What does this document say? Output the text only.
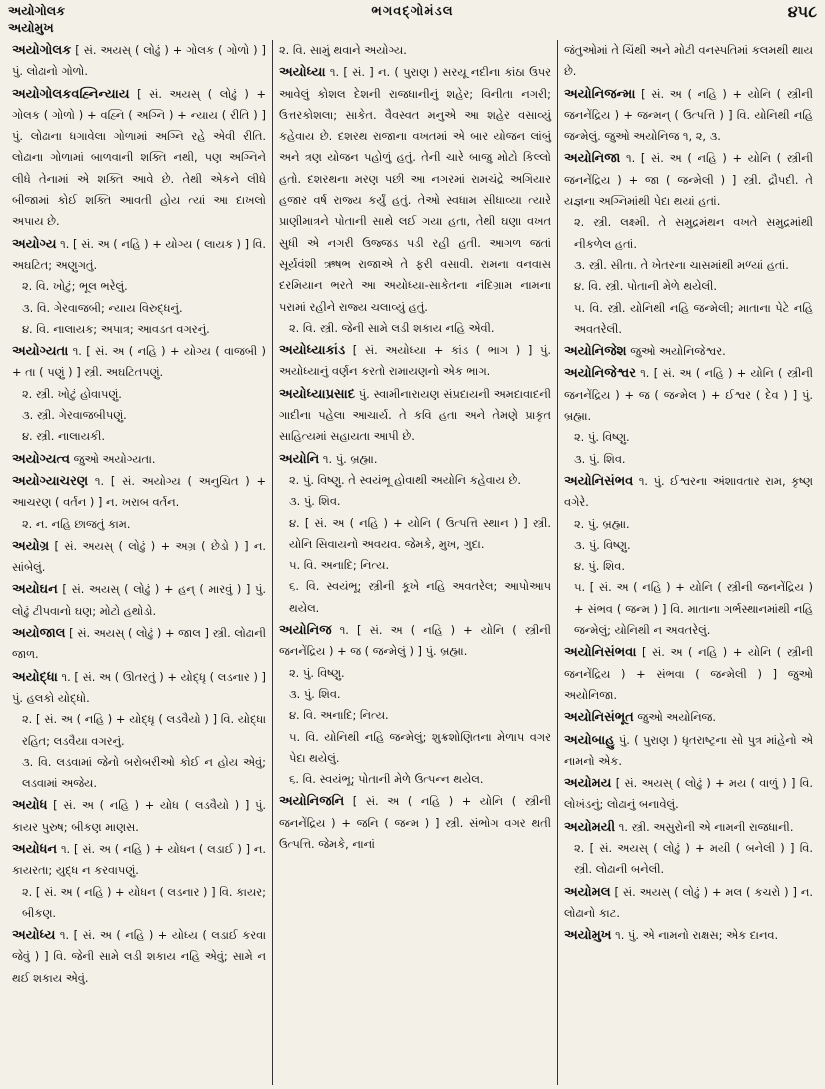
અયોગોલક
અયોમુખ
ભગવદ્ગોમંડલ	૪૫૮
અયોગોલક [ સં. અયસ્ ( લોઢું ) + ગોલક ( ગોળો ) ] પું. લોઢાનો ગોળો.
અયોગોલકવહ્નિન્યાય [ સં. અયસ્ ( લોઢું ) + ગોલક ( ગોળો ) + વહ્નિ ( અગ્નિ ) + ન્યાય ( રીતિ ) ] પું. લોઢાના ધગાવેલા ગોળામાં અગ્નિ રહે એવી રીતિ. લોઢાના ગોળામાં બાળવાની શક્તિ નથી, પણ અગ્નિને લીધે તેનામાં એ શક્તિ આવે છે. તેથી એકને લીધે બીજામાં કોઈ શક્તિ આવતી હોય ત્યાં આ દાખલો અપાય છે.
અયોગ્ય ૧. [ સં. અ ( નહિ ) + યોગ્ય ( લાયક ) ] વિ. અઘટિત; અણુગતું.
૨. વિ. ખોટું; ભૂલ ભરેલું.
૩. વિ. ગેરવાજબી; ન્યાય વિરુદ્ધનું.
૪. વિ. નાલાયક; અપાત્ર; આવડત વગરનું.
અયોગ્યતા ૧. [ સં. અ ( નહિ ) + યોગ્ય ( વાજબી ) + તા ( પણું ) ] સ્ત્રી. અઘટિતપણું.
૨. સ્ત્રી. ખોટું હોવાપણું.
૩. સ્ત્રી. ગેરવાજબીપણું.
૪. સ્ત્રી. નાલાયકી.
અયોગ્યત્વ જુઓ અયોગ્યતા.
અયોગ્યાચરણ ૧. [ સં. અયોગ્ય ( અનુચિત ) + આચરણ ( વર્તન ) ] ન. ખરાબ વર્તન.
૨. ન. નહિ છાજતું કામ.
અયોગ્ર [ સં. અયસ્ ( લોઢું ) + અગ્ર ( છેડો ) ] ન. સાંબેલું.
અયોઘન [ સં. અયસ્ ( લોઢું ) + હન્ ( મારવું ) ] પું. લોઢું ટીપવાનો ઘણ; મોટો હથોડો.
અયોજાલ [ સં. અયસ્ ( લોઢું ) + જાલ ] સ્ત્રી. લોઢાની જાળ.
અયોદ્ધા ૧. [ સં. અ ( ઊતરતું ) + યોદ્ધૃ ( લડનાર ) ] પું. હલકો યોદ્ધો.
૨. [ સં. અ ( નહિ ) + યોદ્ધૃ ( લડવૈયો ) ] વિ. યોદ્ધા રહિત; લડવૈયા વગરનું.
૩. વિ. લડવામાં જેનો બરોબરીઓ કોઈ ન હોય એવું; લડવામાં અજેય.
અયોધ [ સં. અ ( નહિ ) + યોધ ( લડવૈયો ) ] પું. કાયર પુરુષ; બીકણ માણસ.
અયોધન ૧. [ સં. અ ( નહિ ) + યોધન ( લડાઈ ) ] ન. કાયરતા; યુદ્ધ ન કરવાપણું.
૨. [ સં. અ ( નહિ ) + યોધન ( લડનાર ) ] વિ. કાયર; બીકણ.
અયોધ્ય ૧. [ સં. અ ( નહિ ) + યોધ્ય ( લડાઈ કરવા જેવું ) ] વિ. જેની સામે લડી શકાય નહિ એવું; સામે ન થઈ શકાય એવું.
૨. વિ. સામું થવાને અયોગ્ય.
અયોધ્યા ૧. [ સં. ] ન. ( પુરાણ ) સરયૂ નદીના કાંઠા ઉપર આવેલું કોશલ દેશની રાજધાનીનું શહેર; વિનીતા નગરી; ઉત્તરકોશલા; સાકેત. વૈવસ્વત મનુએ આ શહેર વસાવ્યું કહેવાય છે. દશરથ રાજાના વખતમાં એ બાર યોજન લાંબું અને ત્રણ યોજન પહોળું હતું. તેની ચારે બાજુ મોટો કિલ્લો હતો. દશરથના મરણ પછી આ નગરમાં રામચંદ્રે અગિયાર હજાર વર્ષ રાજ્ય કર્યું હતું. તેઓ સ્વધામ સીધાવ્યા ત્યારે પ્રાણીમાત્રને પોતાની સાથે લઈ ગયા હતા, તેથી ઘણા વખત સુધી એ નગરી ઉજ્જડ પડી રહી હતી. આગળ જતાં સૂર્યવંશી ઋષભ રાજાએ તે ફરી વસાવી. રામના વનવાસ દરમિયાન ભરતે આ અયોધ્યા-સાકેતના નંદિગ્રામ નામના પરામાં રહીને રાજ્ય ચલાવ્યું હતું.
૨. વિ. સ્ત્રી. જેની સામે લડી શકાય નહિ એવી.
અયોધ્યાકાંડ [ સં. અયોધ્યા + કાંડ ( ભાગ ) ] પું. અયોધ્યાનું વર્ણન કરતો રામાયણનો એક ભાગ.
અયોધ્યાપ્રસાદ પું. સ્વામીનારાયણ સંપ્રદાયની અમદાવાદની ગાદીના પહેલા આચાર્ય. તે કવિ હતા અને તેમણે પ્રાકૃત સાહિત્યમાં સહાયતા આપી છે.
અયોનિ ૧. પું. બ્રહ્મા.
૨. પું. વિષ્ણુ. તે સ્વયંભૂ હોવાથી અયોનિ કહેવાય છે.
૩. પું. શિવ.
૪. [ સં. અ ( નહિ ) + યોનિ ( ઉત્પત્તિ સ્થાન ) ] સ્ત્રી. યોનિ સિવાયનો અવયવ. જેમકે, મુખ, ગુદા.
૫. વિ. અનાદિ; નિત્ય.
૬. વિ. સ્વયંભૂ; સ્ત્રીની કૂખે નહિ અવતરેલ; આપોઆપ થયેલ.
અયોનિજ ૧. [ સં. અ ( નહિ ) + યોનિ ( સ્ત્રીની જનનેંદ્રિય ) + જ ( જન્મેલું ) ] પું. બ્રહ્મા.
૨. પું. વિષ્ણુ.
૩. પું. શિવ.
૪. વિ. અનાદિ; નિત્ય.
૫. વિ. યોનિથી નહિ જન્મેલું; શુક્રશોણિતના મેળાપ વગર પેદા થયેલું.
૬. વિ. સ્વયંભૂ; પોતાની મેળે ઉત્પન્ન થયેલ.
અયોનિજનિ [ સં. અ ( નહિ ) + યોનિ ( સ્ત્રીની જનનેંદ્રિય ) + જનિ ( જન્મ ) ] સ્ત્રી. સંભોગ વગર થતી ઉત્પત્તિ. જેમકે, નાનાં
જંતુઓમાં તે ચિંથી અને મોટી વનસ્પતિમાં કલમથી થાય છે.
અયોનિજન્મા [ સં. અ ( નહિ ) + યોનિ ( સ્ત્રીની જનનેંદ્રિય ) + જન્મન્ ( ઉત્પત્તિ ) ] વિ. યોનિથી નહિ જન્મેલું. જુઓ અયોનિજ ૧, ૨, ૩.
અયોનિજા ૧. [ સં. અ ( નહિ ) + યોનિ ( સ્ત્રીની જનનેંદ્રિય ) + જા ( જન્મેલી ) ] સ્ત્રી. દ્રૌપદી. તે યજ્ઞના અગ્નિમાંથી પેદા થયાં હતાં.
૨. સ્ત્રી. લક્ષ્મી. તે સમુદ્રમંથન વખતે સમુદ્રમાંથી નીકળેલ હતાં.
૩. સ્ત્રી. સીતા. તે ખેતરના ચાસમાંથી મળ્યાં હતાં.
૪. વિ. સ્ત્રી. પોતાની મેળે થયેલી.
૫. વિ. સ્ત્રી. યોનિથી નહિ જન્મેલી; માતાના પેટે નહિ અવતરેલી.
અયોનિજેશ જુઓ અયોનિજેશ્વર.
અયોનિજેશ્વર ૧. [ સં. અ ( નહિ ) + યોનિ ( સ્ત્રીની જનનેંદ્રિય ) + જ ( જન્મેલ ) + ઈશ્વર ( દેવ ) ] પું. બ્રહ્મા.
૨. પું. વિષ્ણુ.
૩. પું. શિવ.
અયોનિસંભવ ૧. પું. ઈશ્વરના અંશાવતાર રામ, કૃષ્ણ વગેરે.
૨. પું. બ્રહ્મા.
૩. પું. વિષ્ણુ.
૪. પું. શિવ.
૫. [ સં. અ ( નહિ ) + યોનિ ( સ્ત્રીની જનનેંદ્રિય ) + સંભવ ( જન્મ ) ] વિ. માતાના ગર્ભસ્થાનમાંથી નહિ જન્મેલું; યોનિથી ન અવતરેલું.
અયોનિસંભવા [ સં. અ ( નહિ ) + યોનિ ( સ્ત્રીની જનનેંદ્રિય ) + સંભવા ( જન્મેલી ) ] જુઓ અયોનિજા.
અયોનિસંભૂત જુઓ અયોનિજ.
અયોબાહુ પું. ( પુરાણ ) ધૃતરાષ્ટ્રના સો પુત્ર માંહેનો એ નામનો એક.
અયોમય [ સં. અયસ્ ( લોઢું ) + મય ( વાળું ) ] વિ. લોખંડનું; લોઢાનું બનાવેલું.
અયોમયી ૧. સ્ત્રી. અસુરોની એ નામની રાજધાની.
૨. [ સં. અયસ્ ( લોઢું ) + મયી ( બનેલી ) ] વિ. સ્ત્રી. લોઢાની બનેલી.
અયોમલ [ સં. અયસ્ ( લોઢું ) + મલ ( કચરો ) ] ન. લોઢાનો કાટ.
અયોમુખ ૧. પું. એ નામનો રાક્ષસ; એક દાનવ.
